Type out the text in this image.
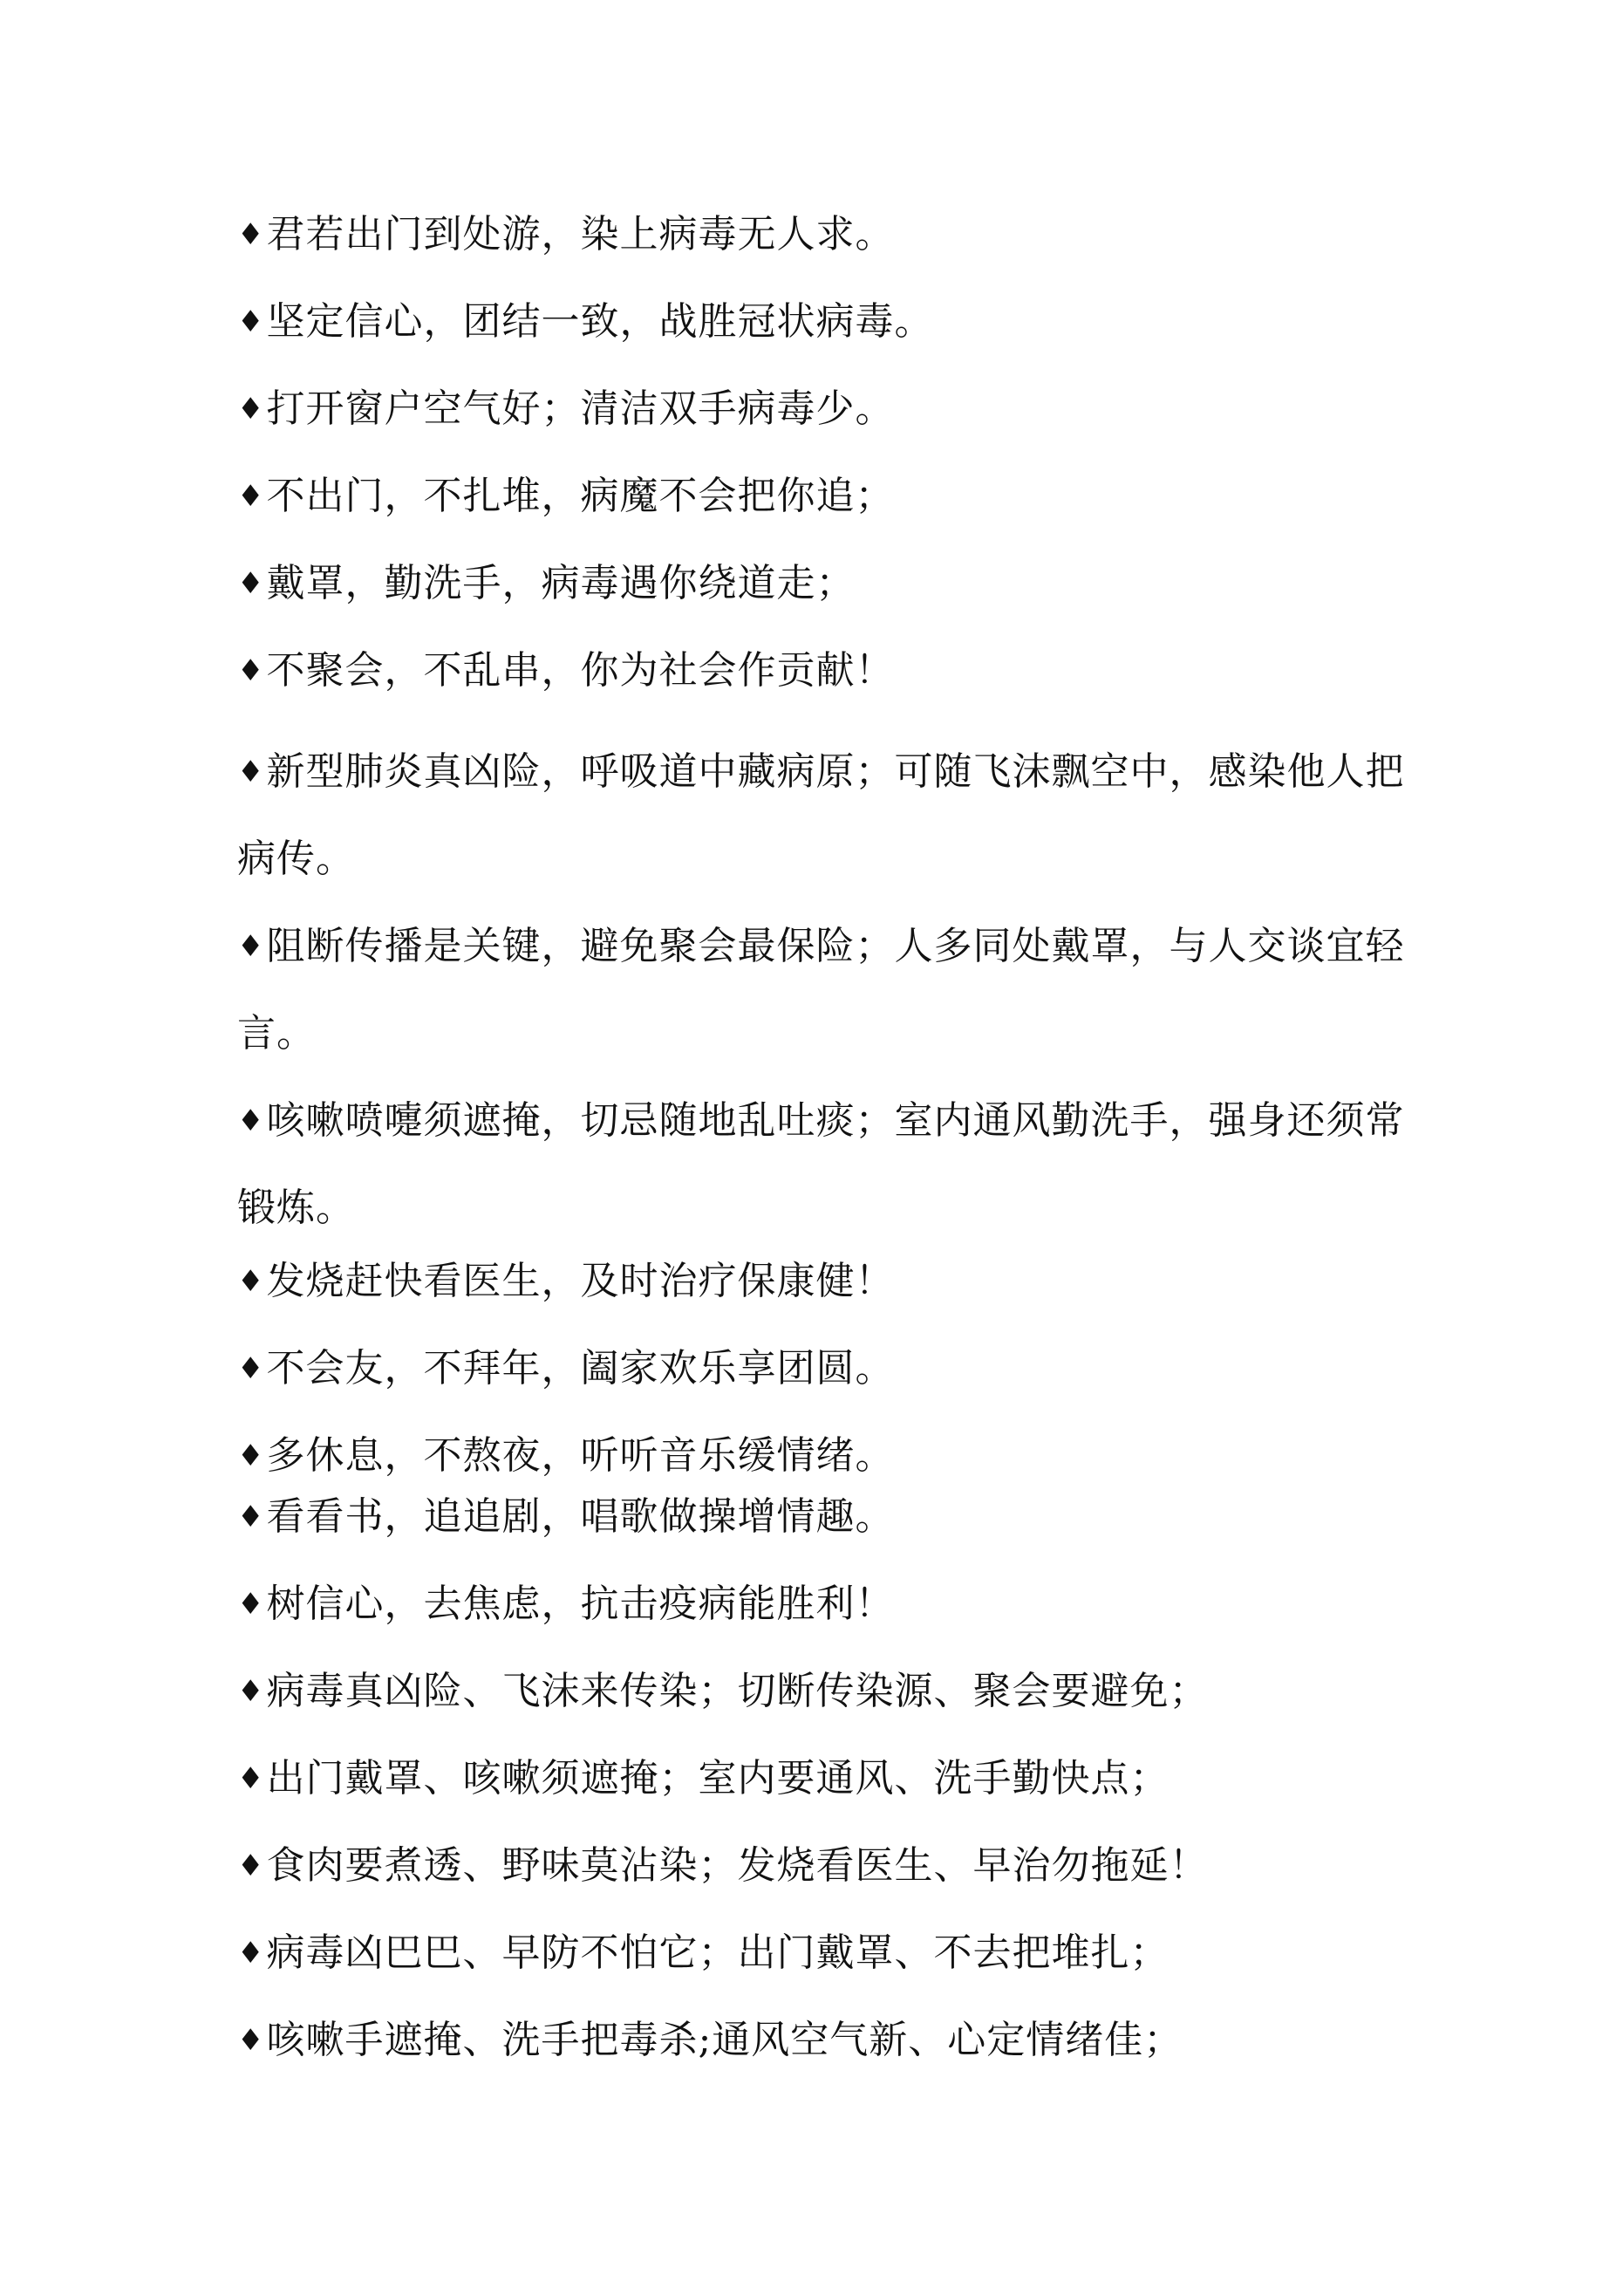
♦君若出门到处游，染上病毒无人求。
♦坚定信心，团结一致，战胜冠状病毒。
♦打开窗户空气好；清洁双手病毒少。
♦不出门，不扎堆，病魔不会把你追；
♦戴罩，勤洗手，病毒遇你绕道走；
♦不聚会，不乱串，你为社会作贡献！
♦ 新型肺炎真凶险，呼吸道中藏病原；可随飞沫飘空中，感染他人把病传。
♦ 阻断传播是关键，避免聚会最保险；人多同处戴罩，与人交谈宜轻言。
♦ 咳嗽喷嚏须遮掩，切忌随地乱吐痰；室内通风勤洗手，强身还须常锻炼。
♦发烧赶快看医生，及时治疗保康健！
♦不会友，不拜年，阖家欢乐享团圆。
♦多休息，不熬夜，听听音乐缓情绪。
♦看看书，追追剧，唱歌做操增情趣。
♦树信心，去焦虑，抗击疫病能胜利！
♦病毒真凶险、飞沫来传染；切断传染源、聚会要避免；
♦出门戴罩、咳嗽须遮掩；室内要通风、洗手勤快点；
♦食肉要煮透、野味莫沾染；发烧看医生、早治勿拖延！
♦病毒凶巴巴、早防不怕它；出门戴罩、不去把堆扎；
♦咳嗽手遮掩、洗手把毒杀;通风空气新、心定情绪佳；
